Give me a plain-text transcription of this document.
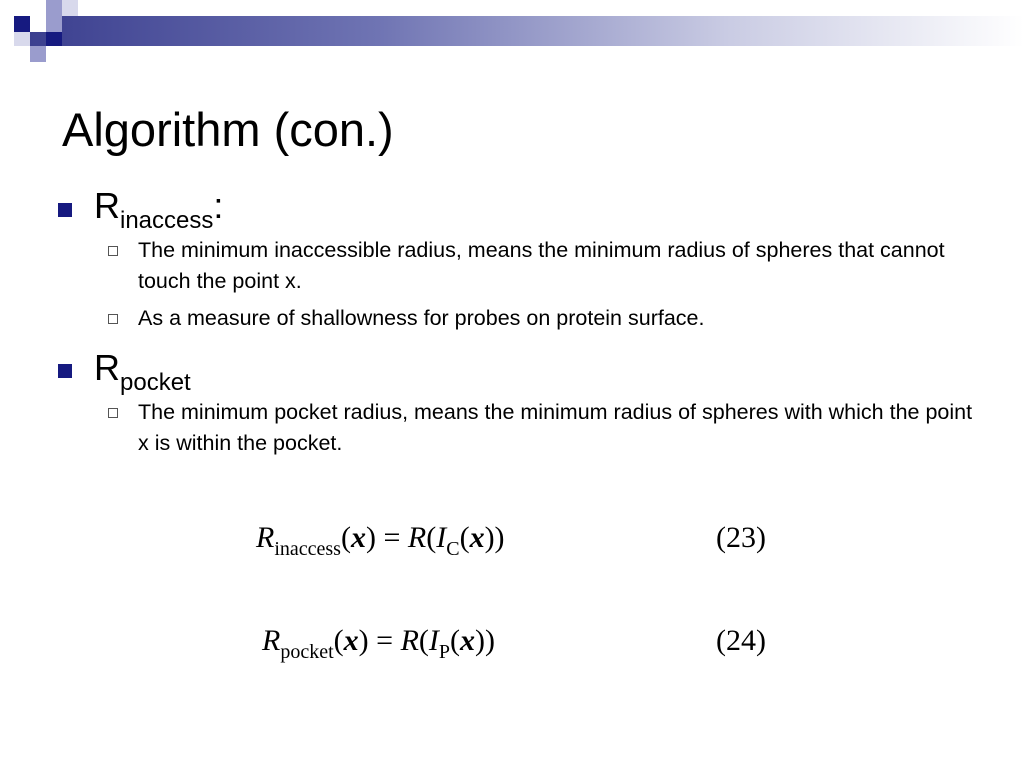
Algorithm (con.)
$R_{inaccess}$:
The minimum inaccessible radius, means the minimum radius of spheres that cannot touch the point x.
As a measure of shallowness for probes on protein surface.
$R_{pocket}$
The minimum pocket radius, means the minimum radius of spheres with which the point x is within the pocket.
$R_{inaccess}(x) = R(I_C(x))$	(23)
$R_{pocket}(x) = R(I_P(x))$	(24)
